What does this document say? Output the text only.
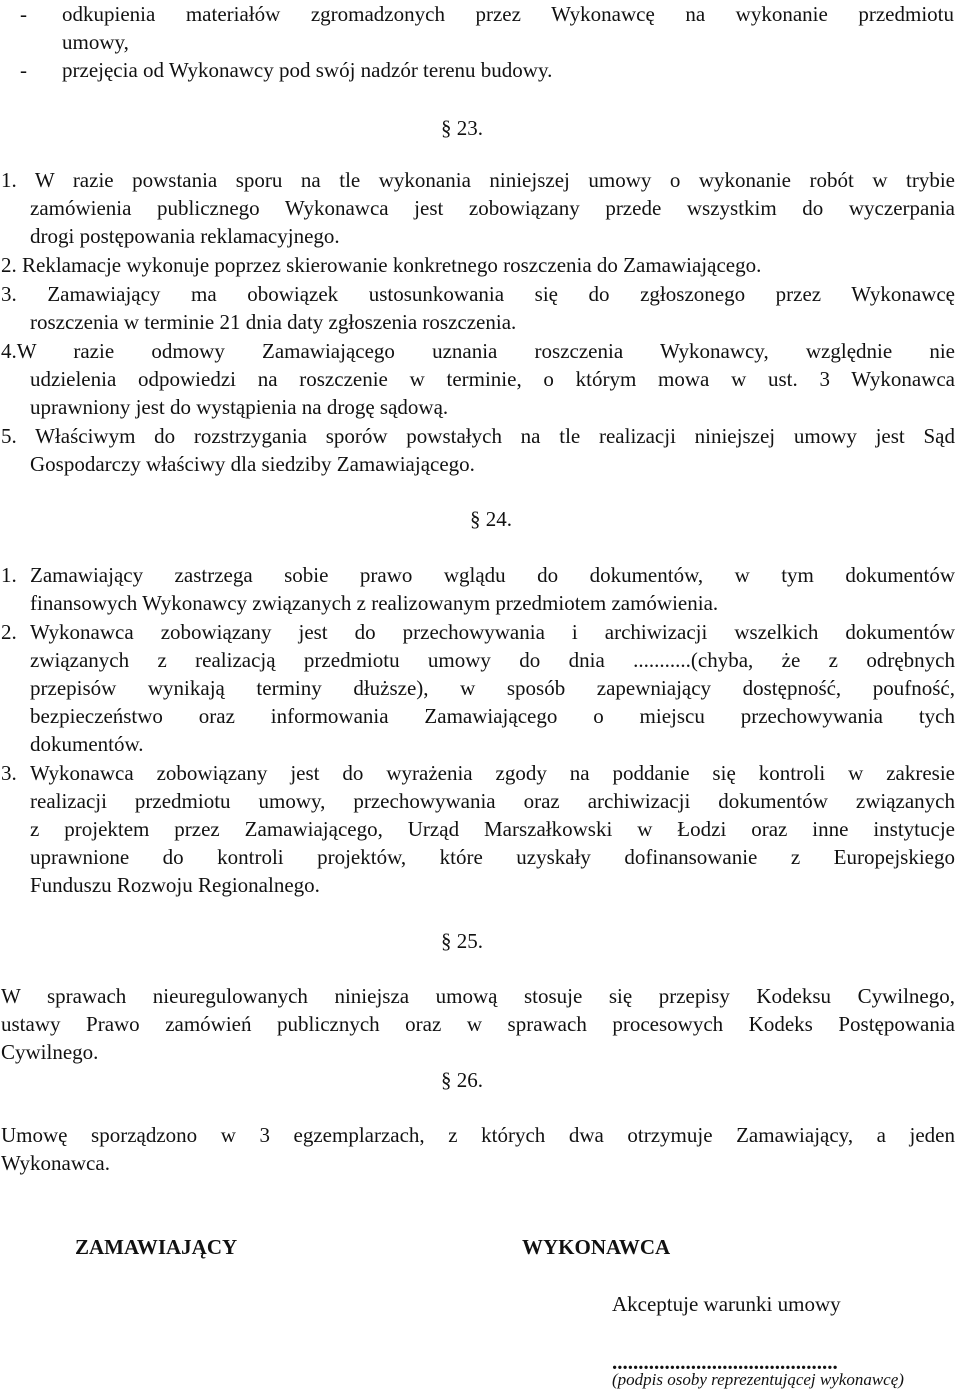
- odkupienia materiałów zgromadzonych przez Wykonawcę na wykonanie przedmiotu
umowy,
- przejęcia od Wykonawcy pod swój nadzór terenu budowy.
§ 23.
1. W razie powstania sporu na tle wykonania niniejszej umowy o wykonanie robót w trybie
zamówienia publicznego Wykonawca jest zobowiązany przede wszystkim do wyczerpania
drogi postępowania reklamacyjnego.
2. Reklamacje wykonuje poprzez skierowanie konkretnego roszczenia do Zamawiającego.
3. Zamawiający ma obowiązek ustosunkowania się do zgłoszonego przez Wykonawcę
roszczenia w terminie 21 dnia daty zgłoszenia roszczenia.
4.W razie odmowy Zamawiającego uznania roszczenia Wykonawcy, względnie nie
udzielenia odpowiedzi na roszczenie w terminie, o którym mowa w ust. 3 Wykonawca
uprawniony jest do wystąpienia na drogę sądową.
5. Właściwym do rozstrzygania sporów powstałych na tle realizacji niniejszej umowy jest Sąd
Gospodarczy właściwy dla siedziby Zamawiającego.
§ 24.
1. Zamawiający zastrzega sobie prawo wglądu do dokumentów, w tym dokumentów
finansowych Wykonawcy związanych z realizowanym przedmiotem zamówienia.
2. Wykonawca zobowiązany jest do przechowywania i archiwizacji wszelkich dokumentów
związanych z realizacją przedmiotu umowy do dnia ...........(chyba, że z odrębnych
przepisów wynikają terminy dłuższe), w sposób zapewniający dostępność, poufność,
bezpieczeństwo oraz informowania Zamawiającego o miejscu przechowywania tych
dokumentów.
3. Wykonawca zobowiązany jest do wyrażenia zgody na poddanie się kontroli w zakresie
realizacji przedmiotu umowy, przechowywania oraz archiwizacji dokumentów związanych
z projektem przez Zamawiającego, Urząd Marszałkowski w Łodzi oraz inne instytucje
uprawnione do kontroli projektów, które uzyskały dofinansowanie z Europejskiego
Funduszu Rozwoju Regionalnego.
§ 25.
W sprawach nieuregulowanych niniejsza umową stosuje się przepisy Kodeksu Cywilnego,
ustawy Prawo zamówień publicznych oraz w sprawach procesowych Kodeks Postępowania
Cywilnego.
§ 26.
Umowę sporządzono w 3 egzemplarzach, z których dwa otrzymuje Zamawiający, a jeden
Wykonawca.
ZAMAWIAJĄCY	WYKONAWCA
Akceptuje warunki umowy
...........................................
(podpis osoby reprezentującej wykonawcę)
